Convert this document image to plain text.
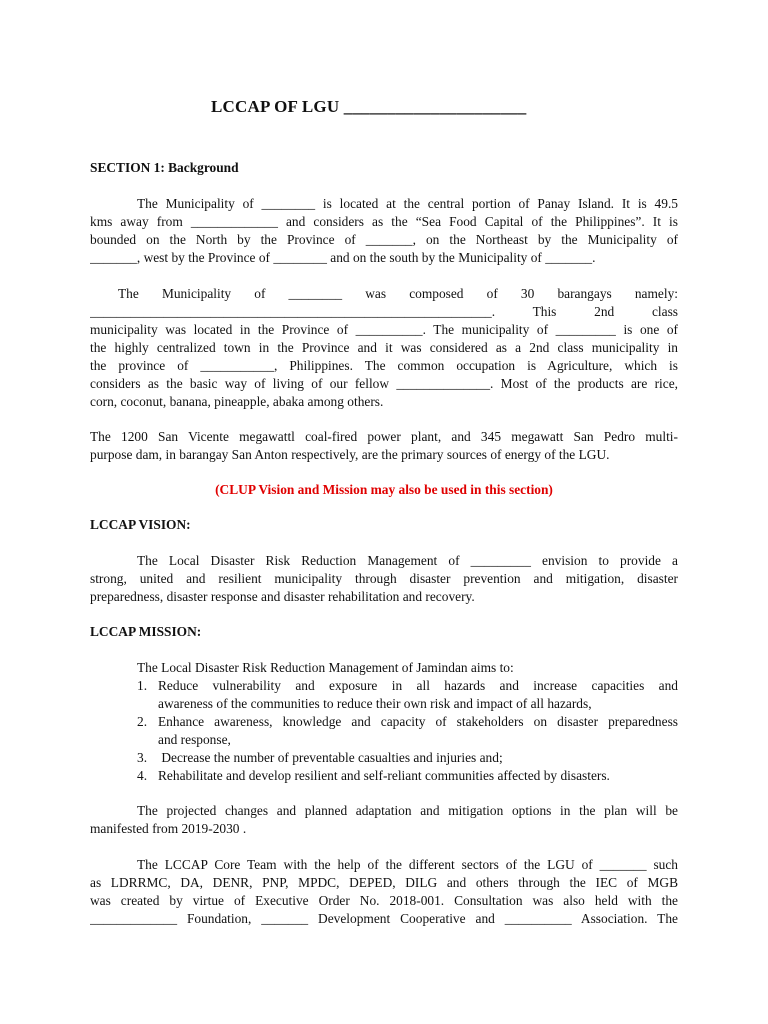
LCCAP OF LGU _____________________
SECTION 1: Background
The Municipality of ________ is located at the central portion of Panay Island. It is 49.5
kms away from _____________ and considers as the “Sea Food Capital of the Philippines”. It is
bounded on the North by the Province of _______, on the Northeast by the Municipality of
_______, west by the Province of ________ and on the south by the Municipality of _______.
The Municipality of ________ was composed of 30 barangays namely:
____________________________________________________________. This 2nd class
municipality was located in the Province of __________. The municipality of _________ is one of
the highly centralized town in the Province and it was considered as a 2nd class municipality in
the province of ___________, Philippines. The common occupation is Agriculture, which is
considers as the basic way of living of our fellow ______________. Most of the products are rice,
corn, coconut, banana, pineapple, abaka among others.
The 1200 San Vicente megawattl coal-fired power plant, and 345 megawatt San Pedro multi-
purpose dam, in barangay San Anton respectively, are the primary sources of energy of the LGU.
(CLUP Vision and Mission may also be used in this section)
LCCAP VISION:
The Local Disaster Risk Reduction Management of _________ envision to provide a
strong, united and resilient municipality through disaster prevention and mitigation, disaster
preparedness, disaster response and disaster rehabilitation and recovery.
LCCAP MISSION:
The Local Disaster Risk Reduction Management of Jamindan aims to:
1. Reduce vulnerability and exposure in all hazards and increase capacities and
awareness of the communities to reduce their own risk and impact of all hazards,
2. Enhance awareness, knowledge and capacity of stakeholders on disaster preparedness
and response,
3. Decrease the number of preventable casualties and injuries and;
4. Rehabilitate and develop resilient and self-reliant communities affected by disasters.
The projected changes and planned adaptation and mitigation options in the plan will be
manifested from 2019-2030 .
The LCCAP Core Team with the help of the different sectors of the LGU of _______ such
as LDRRMC, DA, DENR, PNP, MPDC, DEPED, DILG and others through the IEC of MGB
was created by virtue of Executive Order No. 2018-001. Consultation was also held with the
_____________ Foundation, _______ Development Cooperative and __________ Association. The
